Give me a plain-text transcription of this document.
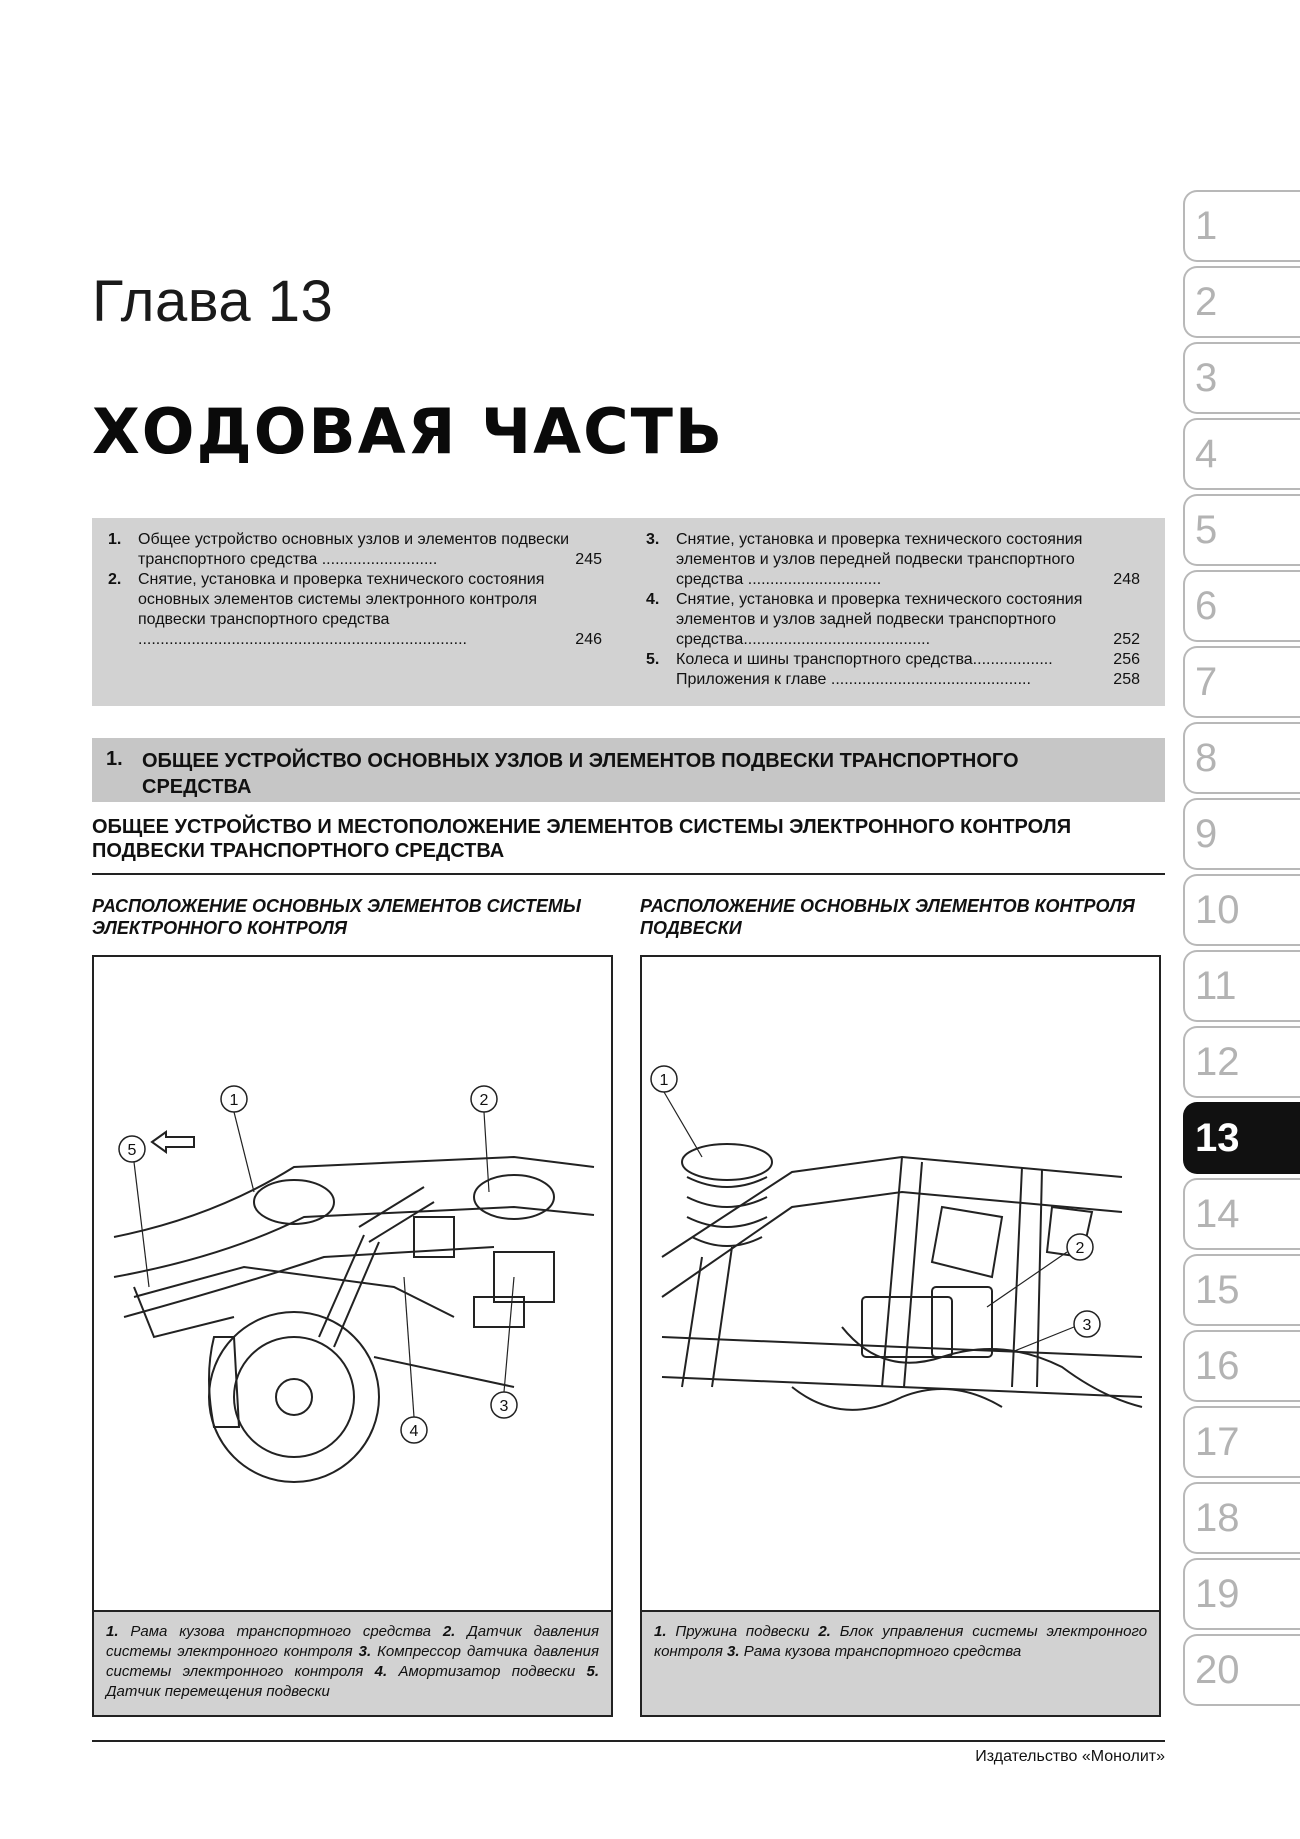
Глава 13
ХОДОВАЯ ЧАСТЬ
1. Общее устройство основных узлов и элементов подвески транспортного средства ..........................	245
2. Снятие, установка и проверка технического состояния основных элементов системы электронного контроля подвески транспортного средства ..........................................................................	246
3. Снятие, установка и проверка технического состояния элементов и узлов передней подвески транспортного средства ..............................	248
4. Снятие, установка и проверка технического состояния элементов и узлов задней подвески транспортного средства..........................................	252
5. Колеса и шины транспортного средства..................	256
Приложения к главе .............................................	258
1. ОБЩЕЕ УСТРОЙСТВО ОСНОВНЫХ УЗЛОВ И ЭЛЕМЕНТОВ ПОДВЕСКИ ТРАНСПОРТНОГО СРЕДСТВА
ОБЩЕЕ УСТРОЙСТВО И МЕСТОПОЛОЖЕНИЕ ЭЛЕМЕНТОВ СИСТЕМЫ ЭЛЕКТРОННОГО КОНТРОЛЯ ПОДВЕСКИ ТРАНСПОРТНОГО СРЕДСТВА
РАСПОЛОЖЕНИЕ ОСНОВНЫХ ЭЛЕМЕНТОВ СИСТЕМЫ ЭЛЕКТРОННОГО КОНТРОЛЯ
1	2
3
4
5
1. Рама кузова транспортного средства 2. Датчик давления системы электронного контроля 3. Компрессор датчика давления системы электронного контроля 4. Амортизатор подвески 5. Датчик перемещения подвески
РАСПОЛОЖЕНИЕ ОСНОВНЫХ ЭЛЕМЕНТОВ КОНТРОЛЯ ПОДВЕСКИ
1
2
3
1. Пружина подвески 2. Блок управления системы электронного контроля 3. Рама кузова транспортного средства
Издательство «Монолит»
1
2
3
4
5
6
7
8
9
10
11
12
13
14
15
16
17
18
19
20
